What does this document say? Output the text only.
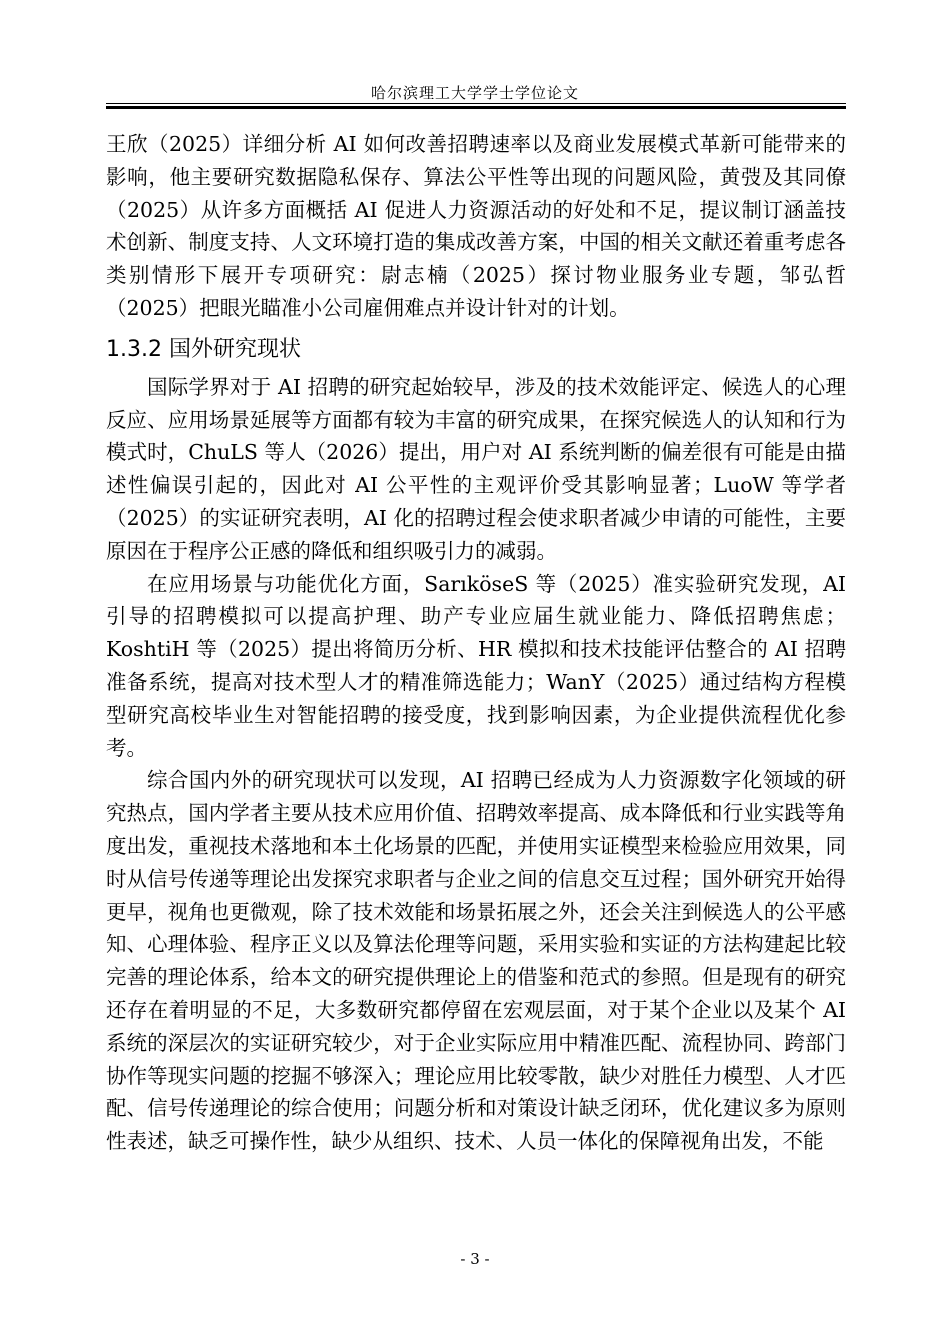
哈尔滨理工大学学士学位论文

王欣（2025）详细分析 AI 如何改善招聘速率以及商业发展模式革新可能带来的影响，他主要研究数据隐私保存、算法公平性等出现的问题风险，黄弢及其同僚（2025）从许多方面概括 AI 促进人力资源活动的好处和不足，提议制订涵盖技术创新、制度支持、人文环境打造的集成改善方案，中国的相关文献还着重考虑各类别情形下展开专项研究：尉志楠（2025）探讨物业服务业专题，邹弘哲（2025）把眼光瞄准小公司雇佣难点并设计针对的计划。

1.3.2 国外研究现状

国际学界对于 AI 招聘的研究起始较早，涉及的技术效能评定、候选人的心理反应、应用场景延展等方面都有较为丰富的研究成果，在探究候选人的认知和行为模式时，ChuLS 等人（2026）提出，用户对 AI 系统判断的偏差很有可能是由描述性偏误引起的，因此对 AI 公平性的主观评价受其影响显著；LuoW 等学者（2025）的实证研究表明，AI 化的招聘过程会使求职者减少申请的可能性，主要原因在于程序公正感的降低和组织吸引力的减弱。

在应用场景与功能优化方面，SarıköseS 等（2025）准实验研究发现，AI 引导的招聘模拟可以提高护理、助产专业应届生就业能力、降低招聘焦虑；KoshtiH 等（2025）提出将简历分析、HR 模拟和技术技能评估整合的 AI 招聘准备系统，提高对技术型人才的精准筛选能力；WanY（2025）通过结构方程模型研究高校毕业生对智能招聘的接受度，找到影响因素，为企业提供流程优化参考。

综合国内外的研究现状可以发现，AI 招聘已经成为人力资源数字化领域的研究热点，国内学者主要从技术应用价值、招聘效率提高、成本降低和行业实践等角度出发，重视技术落地和本土化场景的匹配，并使用实证模型来检验应用效果，同时从信号传递等理论出发探究求职者与企业之间的信息交互过程；国外研究开始得更早，视角也更微观，除了技术效能和场景拓展之外，还会关注到候选人的公平感知、心理体验、程序正义以及算法伦理等问题，采用实验和实证的方法构建起比较完善的理论体系，给本文的研究提供理论上的借鉴和范式的参照。但是现有的研究还存在着明显的不足，大多数研究都停留在宏观层面，对于某个企业以及某个 AI 系统的深层次的实证研究较少，对于企业实际应用中精准匹配、流程协同、跨部门协作等现实问题的挖掘不够深入；理论应用比较零散，缺少对胜任力模型、人才匹配、信号传递理论的综合使用；问题分析和对策设计缺乏闭环，优化建议多为原则性表述，缺乏可操作性，缺少从组织、技术、人员一体化的保障视角出发，不能

- 3 -
